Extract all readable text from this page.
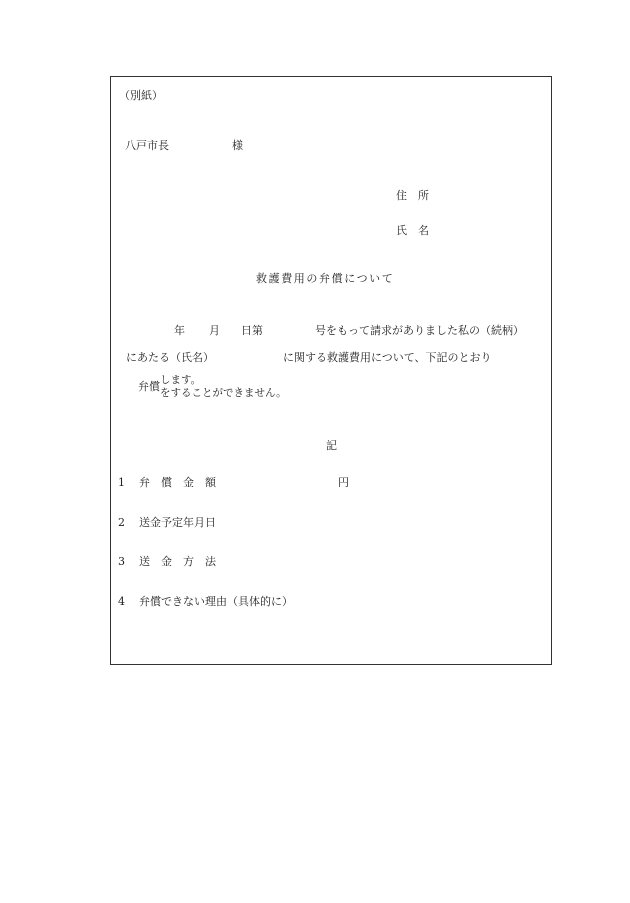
（別紙）
八戸市長	様
住　所
氏　名
救護費用の弁償について
年 月 日第	号をもって請求がありました私の（続柄）
にあたる（氏名）	に関する救護費用について、下記のとおり
弁償 します。
をすることができません。
記
1 弁　償　金　額	円
2 送金予定年月日
3 送　金　方　法
4 弁償できない理由（具体的に）
